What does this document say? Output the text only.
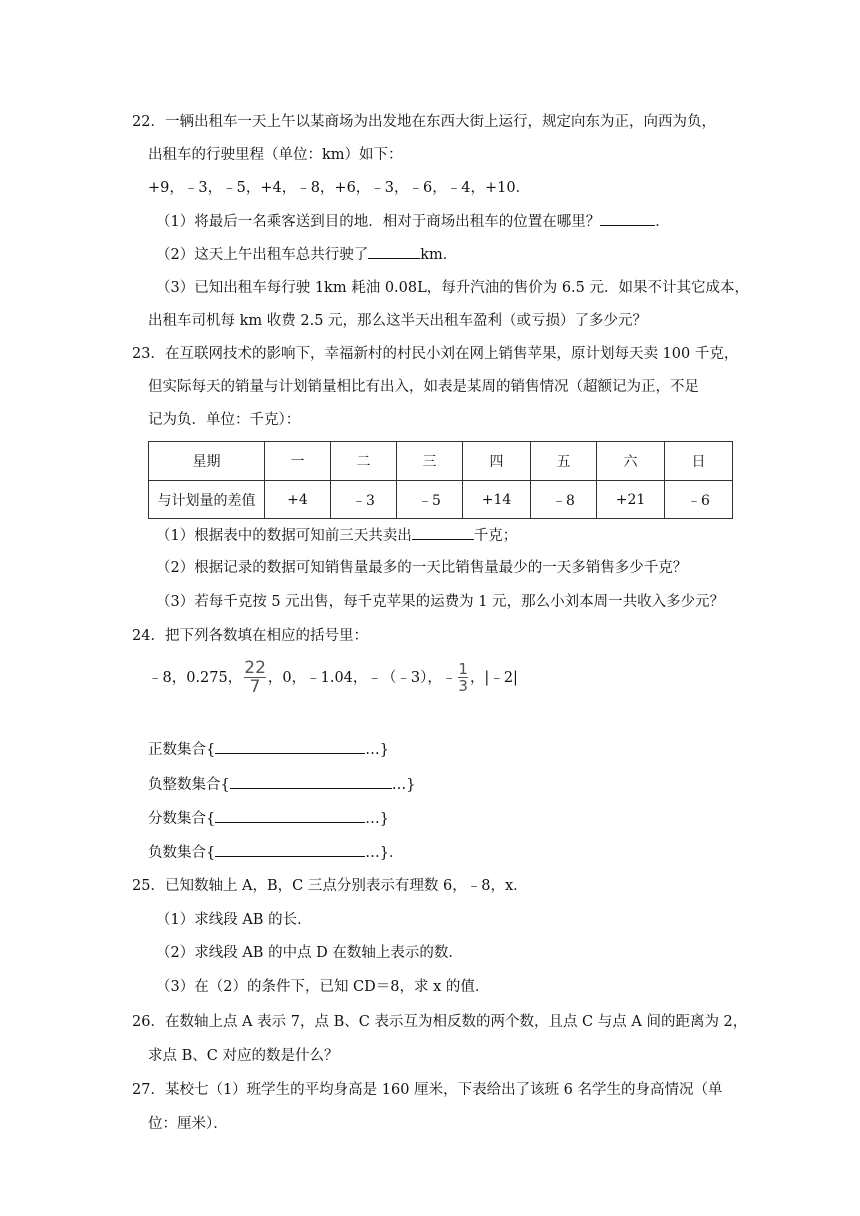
22．一辆出租车一天上午以某商场为出发地在东西大街上运行，规定向东为正，向西为负，
出租车的行驶里程（单位：km）如下：
+9，﹣3，﹣5，+4，﹣8，+6，﹣3，﹣6，﹣4，+10．
（1）将最后一名乘客送到目的地．相对于商场出租车的位置在哪里？	．
（2）这天上午出租车总共行驶了	km．
（3）已知出租车每行驶 1km 耗油 0.08L，每升汽油的售价为 6.5 元．如果不计其它成本，
出租车司机每 km 收费 2.5 元，那么这半天出租车盈利（或亏损）了多少元？
23．在互联网技术的影响下，幸福新村的村民小刘在网上销售苹果，原计划每天卖 100 千克，
但实际每天的销量与计划销量相比有出入，如表是某周的销售情况（超额记为正，不足
记为负．单位：千克）：
星期	一	二	三	四	五	六	日
与计划量的差值	+4	﹣3	﹣5	+14	﹣8	+21	﹣6
（1）根据表中的数据可知前三天共卖出	千克；
（2）根据记录的数据可知销售量最多的一天比销售量最少的一天多销售多少千克？
（3）若每千克按 5 元出售，每千克苹果的运费为 1 元，那么小刘本周一共收入多少元？
24．把下列各数填在相应的括号里：
﹣8，0.275， $\frac{22}{7}$ ，0，﹣1.04，﹣（﹣3），﹣ $\frac{1}{3}$ ，|﹣2|
正数集合{	…}
负整数集合{	…}
分数集合{	…}
负数集合{	…}．
25．已知数轴上 A，B，C 三点分别表示有理数 6，﹣8，x．
（1）求线段 AB 的长．
（2）求线段 AB 的中点 D 在数轴上表示的数．
（3）在（2）的条件下，已知 CD＝8，求 x 的值．
26．在数轴上点 A 表示 7，点 B、C 表示互为相反数的两个数，且点 C 与点 A 间的距离为 2，
求点 B、C 对应的数是什么？
27．某校七（1）班学生的平均身高是 160 厘米，下表给出了该班 6 名学生的身高情况（单
位：厘米）．
